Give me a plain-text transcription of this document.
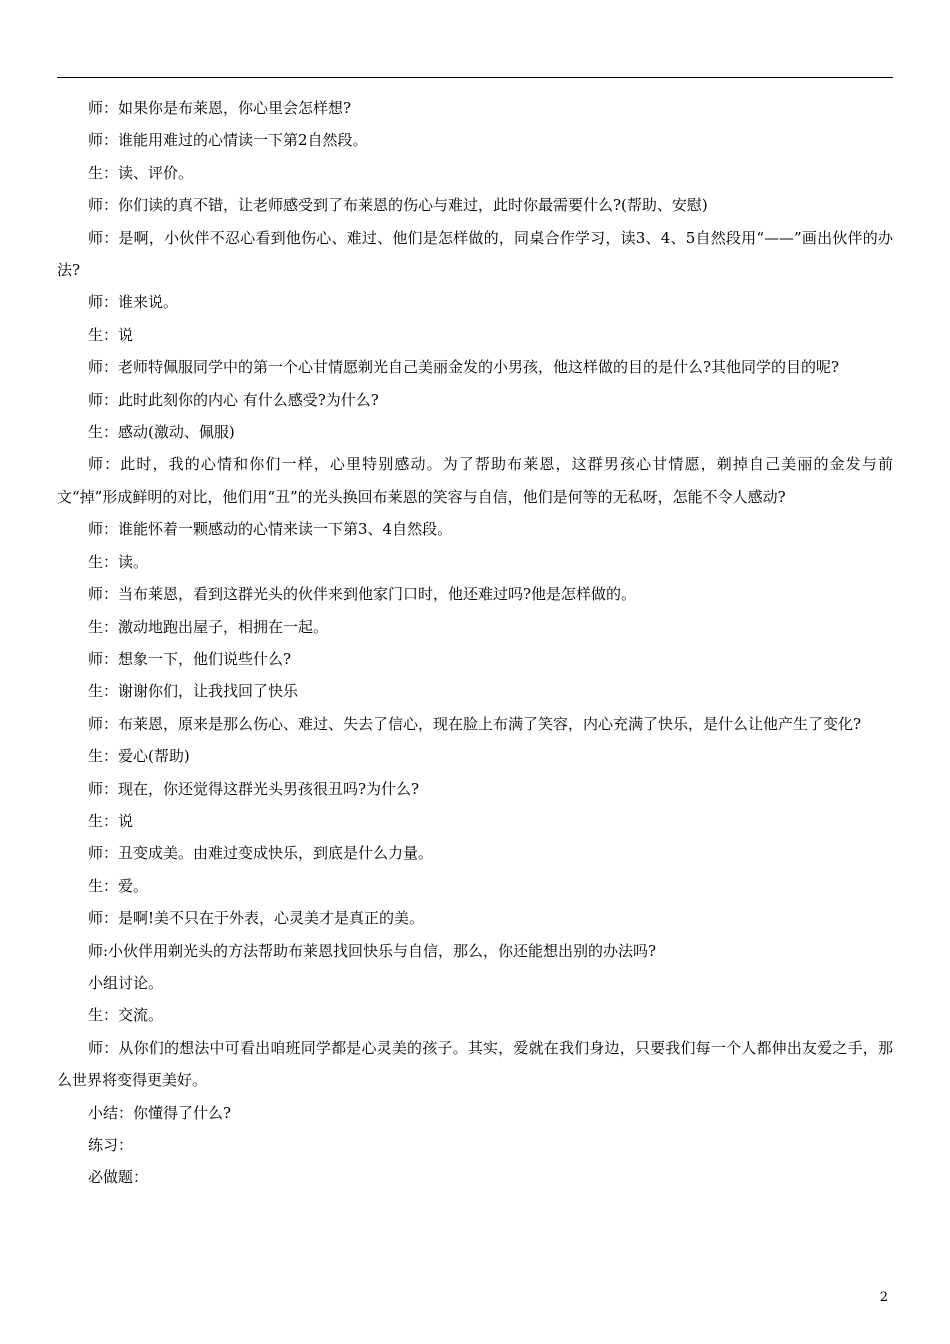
师：如果你是布莱恩，你心里会怎样想?

师：谁能用难过的心情读一下第2自然段。

生：读、评价。

师：你们读的真不错，让老师感受到了布莱恩的伤心与难过，此时你最需要什么?(帮助、安慰)

师：是啊，小伙伴不忍心看到他伤心、难过、他们是怎样做的，同桌合作学习，读3、4、5自然段用“——”画出伙伴的办法?

师：谁来说。

生：说

师：老师特佩服同学中的第一个心甘情愿剃光自己美丽金发的小男孩，他这样做的目的是什么?其他同学的目的呢?

师：此时此刻你的内心 有什么感受?为什么?

生：感动(激动、佩服)

师：此时，我的心情和你们一样，心里特别感动。为了帮助布莱恩，这群男孩心甘情愿，剃掉自己美丽的金发与前文“掉”形成鲜明的对比，他们用“丑”的光头换回布莱恩的笑容与自信，他们是何等的无私呀，怎能不令人感动?

师：谁能怀着一颗感动的心情来读一下第3、4自然段。

生：读。

师：当布莱恩，看到这群光头的伙伴来到他家门口时，他还难过吗?他是怎样做的。

生：激动地跑出屋子，相拥在一起。

师：想象一下，他们说些什么?

生：谢谢你们，让我找回了快乐

师：布莱恩，原来是那么伤心、难过、失去了信心，现在脸上布满了笑容，内心充满了快乐，是什么让他产生了变化?

生：爱心(帮助)

师：现在，你还觉得这群光头男孩很丑吗?为什么?

生：说

师：丑变成美。由难过变成快乐，到底是什么力量。

生：爱。

师：是啊!美不只在于外表，心灵美才是真正的美。

师:小伙伴用剃光头的方法帮助布莱恩找回快乐与自信，那么，你还能想出别的办法吗?

小组讨论。

生：交流。

师：从你们的想法中可看出咱班同学都是心灵美的孩子。其实，爱就在我们身边，只要我们每一个人都伸出友爱之手，那么世界将变得更美好。

小结：你懂得了什么?

练习：

必做题：

2
